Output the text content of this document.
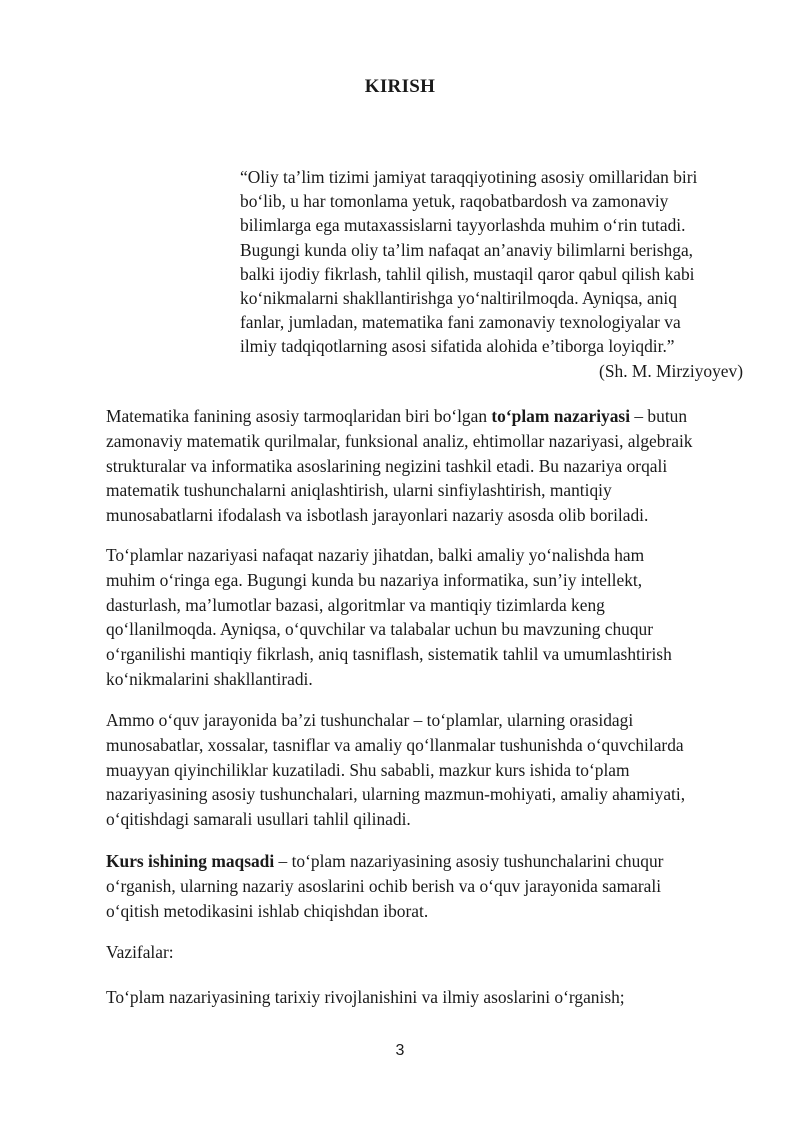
KIRISH
“Oliy ta’lim tizimi jamiyat taraqqiyotining asosiy omillaridan biri
bo‘lib, u har tomonlama yetuk, raqobatbardosh va zamonaviy
bilimlarga ega mutaxassislarni tayyorlashda muhim o‘rin tutadi.
Bugungi kunda oliy ta’lim nafaqat an’anaviy bilimlarni berishga,
balki ijodiy fikrlash, tahlil qilish, mustaqil qaror qabul qilish kabi
ko‘nikmalarni shakllantirishga yo‘naltirilmoqda. Ayniqsa, aniq
fanlar, jumladan, matematika fani zamonaviy texnologiyalar va
ilmiy tadqiqotlarning asosi sifatida alohida e’tiborga loyiqdir.”
(Sh. M. Mirziyoyev)
Matematika fanining asosiy tarmoqlaridan biri bo‘lgan to‘plam nazariyasi – butun
zamonaviy matematik qurilmalar, funksional analiz, ehtimollar nazariyasi, algebraik
strukturalar va informatika asoslarining negizini tashkil etadi. Bu nazariya orqali
matematik tushunchalarni aniqlashtirish, ularni sinfiylashtirish, mantiqiy
munosabatlarni ifodalash va isbotlash jarayonlari nazariy asosda olib boriladi.
To‘plamlar nazariyasi nafaqat nazariy jihatdan, balki amaliy yo‘nalishda ham
muhim o‘ringa ega. Bugungi kunda bu nazariya informatika, sun’iy intellekt,
dasturlash, ma’lumotlar bazasi, algoritmlar va mantiqiy tizimlarda keng
qo‘llanilmoqda. Ayniqsa, o‘quvchilar va talabalar uchun bu mavzuning chuqur
o‘rganilishi mantiqiy fikrlash, aniq tasniflash, sistematik tahlil va umumlashtirish
ko‘nikmalarini shakllantiradi.
Ammo o‘quv jarayonida ba’zi tushunchalar – to‘plamlar, ularning orasidagi
munosabatlar, xossalar, tasniflar va amaliy qo‘llanmalar tushunishda o‘quvchilarda
muayyan qiyinchiliklar kuzatiladi. Shu sababli, mazkur kurs ishida to‘plam
nazariyasining asosiy tushunchalari, ularning mazmun-mohiyati, amaliy ahamiyati,
o‘qitishdagi samarali usullari tahlil qilinadi.
Kurs ishining maqsadi – to‘plam nazariyasining asosiy tushunchalarini chuqur
o‘rganish, ularning nazariy asoslarini ochib berish va o‘quv jarayonida samarali
o‘qitish metodikasini ishlab chiqishdan iborat.
Vazifalar:
To‘plam nazariyasining tarixiy rivojlanishini va ilmiy asoslarini o‘rganish;
3
